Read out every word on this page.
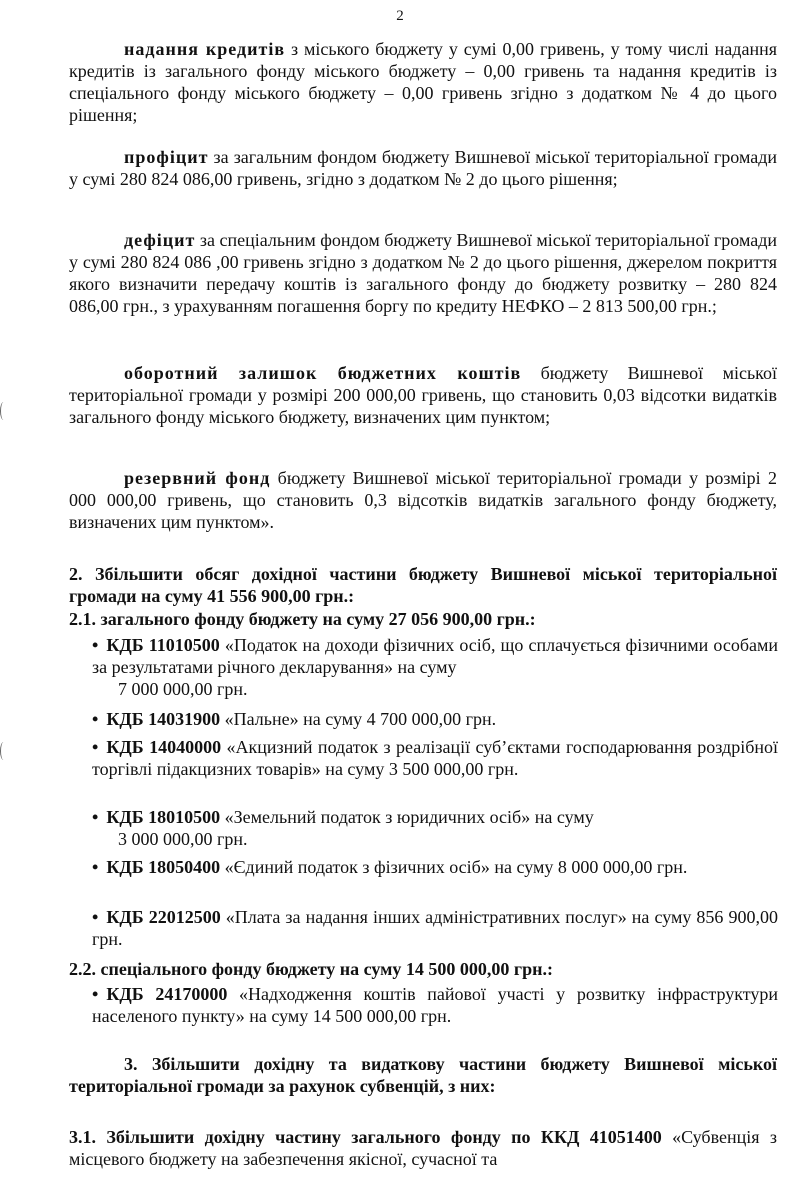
2
надання кредитів з міського бюджету у сумі 0,00 гривень, у тому числі надання кредитів із загального фонду міського бюджету – 0,00 гривень та надання кредитів із спеціального фонду міського бюджету – 0,00 гривень згідно з додатком № 4 до цього рішення;
профіцит за загальним фондом бюджету Вишневої міської територіальної громади у сумі 280 824 086,00 гривень, згідно з додатком № 2 до цього рішення;
дефіцит за спеціальним фондом бюджету Вишневої міської територіальної громади у сумі 280 824 086 ,00 гривень згідно з додатком № 2 до цього рішення, джерелом покриття якого визначити передачу коштів із загального фонду до бюджету розвитку – 280 824 086,00 грн., з урахуванням погашення боргу по кредиту НЕФКО – 2 813 500,00 грн.;
оборотний залишок бюджетних коштів бюджету Вишневої міської територіальної громади у розмірі 200 000,00 гривень, що становить 0,03 відсотки видатків загального фонду міського бюджету, визначених цим пунктом;
резервний фонд бюджету Вишневої міської територіальної громади у розмірі 2 000 000,00 гривень, що становить 0,3 відсотків видатків загального фонду бюджету, визначених цим пунктом».
2. Збільшити обсяг дохідної частини бюджету Вишневої міської територіальної громади на суму 41 556 900,00 грн.:
2.1. загального фонду бюджету на суму 27 056 900,00 грн.:
• КДБ 11010500 «Податок на доходи фізичних осіб, що сплачується фізичними особами за результатами річного декларування» на суму
7 000 000,00 грн.
• КДБ 14031900 «Пальне» на суму 4 700 000,00 грн.
• КДБ 14040000 «Акцизний податок з реалізації суб’єктами господарювання роздрібної торгівлі підакцизних товарів» на суму 3 500 000,00 грн.
• КДБ 18010500 «Земельний податок з юридичних осіб» на суму
3 000 000,00 грн.
• КДБ 18050400 «Єдиний податок з фізичних осіб» на суму 8 000 000,00 грн.
• КДБ 22012500 «Плата за надання інших адміністративних послуг» на суму 856 900,00 грн.
2.2. спеціального фонду бюджету на суму 14 500 000,00 грн.:
• КДБ 24170000 «Надходження коштів пайової участі у розвитку інфраструктури населеного пункту» на суму 14 500 000,00 грн.
3. Збільшити дохідну та видаткову частини бюджету Вишневої міської територіальної громади за рахунок субвенцій, з них:
3.1. Збільшити дохідну частину загального фонду по ККД 41051400 «Субвенція з місцевого бюджету на забезпечення якісної, сучасної та
